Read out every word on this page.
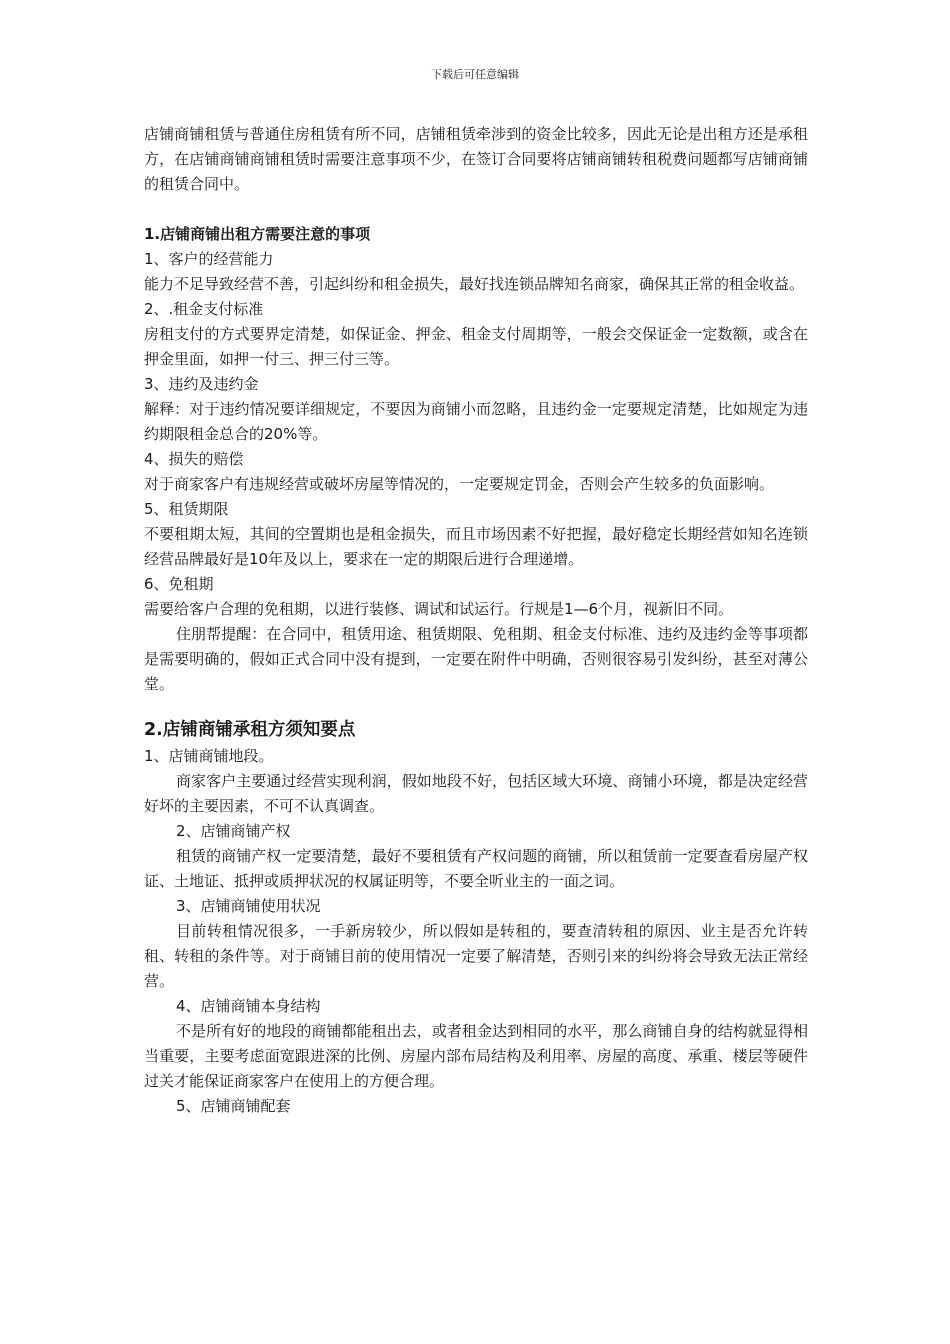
下载后可任意编辑

店铺商铺租赁与普通住房租赁有所不同，店铺租赁牵涉到的资金比较多，因此无论是出租方还是承租方，在店铺商铺商铺租赁时需要注意事项不少，在签订合同要将店铺商铺转租税费问题都写店铺商铺的租赁合同中。

1.店铺商铺出租方需要注意的事项

1、客户的经营能力

能力不足导致经营不善，引起纠纷和租金损失，最好找连锁品牌知名商家，确保其正常的租金收益。

2、.租金支付标准

房租支付的方式要界定清楚，如保证金、押金、租金支付周期等，一般会交保证金一定数额，或含在押金里面，如押一付三、押三付三等。

3、违约及违约金

解释：对于违约情况要详细规定，不要因为商铺小而忽略，且违约金一定要规定清楚，比如规定为违约期限租金总合的20%等。

4、损失的赔偿

对于商家客户有违规经营或破坏房屋等情况的，一定要规定罚金，否则会产生较多的负面影响。

5、租赁期限

不要租期太短，其间的空置期也是租金损失，而且市场因素不好把握，最好稳定长期经营如知名连锁经营品牌最好是10年及以上，要求在一定的期限后进行合理递增。

6、免租期

需要给客户合理的免租期，以进行装修、调试和试运行。行规是1—6个月，视新旧不同。

住朋帮提醒：在合同中，租赁用途、租赁期限、免租期、租金支付标准、违约及违约金等事项都是需要明确的，假如正式合同中没有提到，一定要在附件中明确，否则很容易引发纠纷，甚至对薄公堂。

2.店铺商铺承租方须知要点

1、店铺商铺地段。

商家客户主要通过经营实现利润，假如地段不好，包括区域大环境、商铺小环境，都是决定经营好坏的主要因素，不可不认真调查。

2、店铺商铺产权

租赁的商铺产权一定要清楚，最好不要租赁有产权问题的商铺，所以租赁前一定要查看房屋产权证、土地证、抵押或质押状况的权属证明等，不要全听业主的一面之词。

3、店铺商铺使用状况

目前转租情况很多，一手新房较少，所以假如是转租的，要查清转租的原因、业主是否允许转租、转租的条件等。对于商铺目前的使用情况一定要了解清楚，否则引来的纠纷将会导致无法正常经营。

4、店铺商铺本身结构

不是所有好的地段的商铺都能租出去，或者租金达到相同的水平，那么商铺自身的结构就显得相当重要，主要考虑面宽跟进深的比例、房屋内部布局结构及利用率、房屋的高度、承重、楼层等硬件过关才能保证商家客户在使用上的方便合理。

5、店铺商铺配套
